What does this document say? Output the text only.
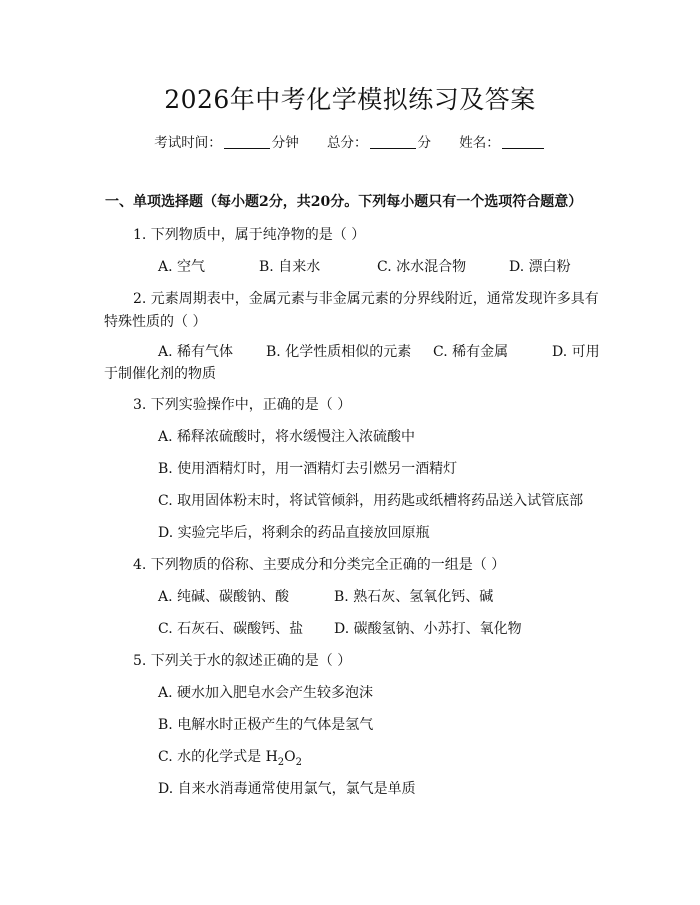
2026年中考化学模拟练习及答案
考试时间：	分钟 总分：	分 姓名：
一、单项选择题（每小题2分，共20分。下列每小题只有一个选项符合题意）
1. 下列物质中，属于纯净物的是（ ）
A. 空气	B. 自来水	C. 冰水混合物	D. 漂白粉
2. 元素周期表中，金属元素与非金属元素的分界线附近，通常发现许多具有
特殊性质的（ ）
A. 稀有气体 B. 化学性质相似的元素 C. 稀有金属	D. 可用
于制催化剂的物质
3. 下列实验操作中，正确的是（ ）
A. 稀释浓硫酸时，将水缓慢注入浓硫酸中
B. 使用酒精灯时，用一酒精灯去引燃另一酒精灯
C. 取用固体粉末时，将试管倾斜，用药匙或纸槽将药品送入试管底部
D. 实验完毕后，将剩余的药品直接放回原瓶
4. 下列物质的俗称、主要成分和分类完全正确的一组是（ ）
A. 纯碱、碳酸钠、酸	B. 熟石灰、氢氧化钙、碱
C. 石灰石、碳酸钙、盐 D. 碳酸氢钠、小苏打、氧化物
5. 下列关于水的叙述正确的是（ ）
A. 硬水加入肥皂水会产生较多泡沫
B. 电解水时正极产生的气体是氢气
C. 水的化学式是 $H_2O_2$
D. 自来水消毒通常使用氯气，氯气是单质
